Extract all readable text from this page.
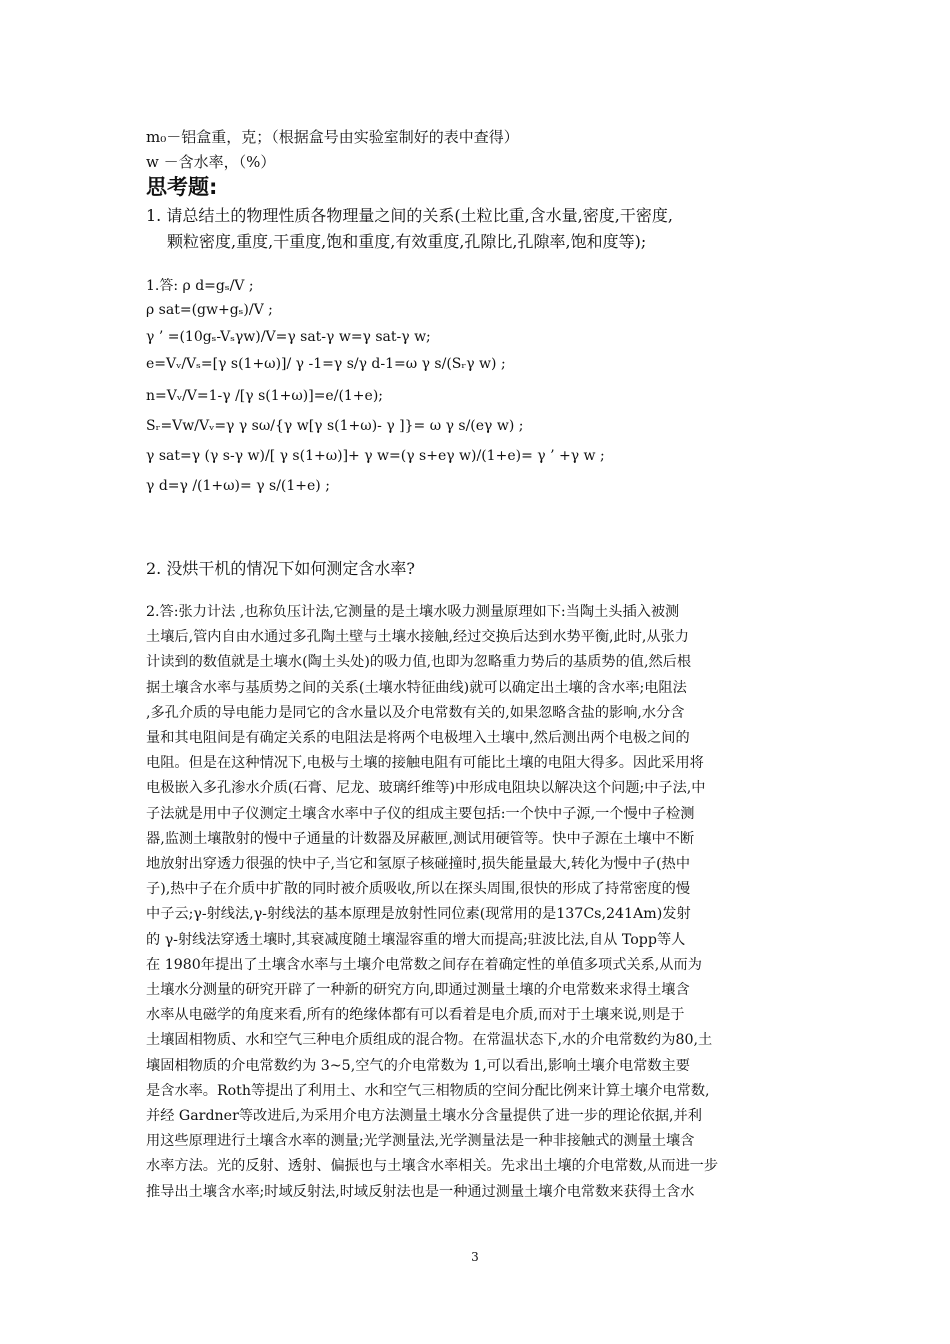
m₀－铝盒重，克；（根据盒号由实验室制好的表中查得）
w －含水率，（%）
思考题:
1. 请总结土的物理性质各物理量之间的关系(土粒比重,含水量,密度,干密度,
颗粒密度,重度,干重度,饱和重度,有效重度,孔隙比,孔隙率,饱和度等);
1.答: ρ d=gₛ/V ;
ρ sat=(gw+gₛ)/V ;
γ ’ =(10gₛ-Vₛγw)/V=γ sat-γ w=γ sat-γ w;
e=Vᵥ/Vₛ=[γ s(1+ω)]/ γ -1=γ s/γ d-1=ω γ s/(Sᵣγ w) ;
n=Vᵥ/V=1-γ /[γ s(1+ω)]=e/(1+e);
Sᵣ=Vw/Vᵥ=γ γ sω/{γ w[γ s(1+ω)- γ ]}= ω γ s/(eγ w) ;
γ sat=γ (γ s-γ w)/[ γ s(1+ω)]+ γ w=(γ s+eγ w)/(1+e)= γ ’ +γ w ;
γ d=γ /(1+ω)= γ s/(1+e) ;
2. 没烘干机的情况下如何测定含水率?
2.答:张力计法 ,也称负压计法,它测量的是土壤水吸力测量原理如下:当陶土头插入被测
土壤后,管内自由水通过多孔陶土壁与土壤水接触,经过交换后达到水势平衡,此时,从张力
计读到的数值就是土壤水(陶土头处)的吸力值,也即为忽略重力势后的基质势的值,然后根
据土壤含水率与基质势之间的关系(土壤水特征曲线)就可以确定出土壤的含水率;电阻法
,多孔介质的导电能力是同它的含水量以及介电常数有关的,如果忽略含盐的影响,水分含
量和其电阻间是有确定关系的电阻法是将两个电极埋入土壤中,然后测出两个电极之间的
电阻。但是在这种情况下,电极与土壤的接触电阻有可能比土壤的电阻大得多。因此采用将
电极嵌入多孔渗水介质(石膏、尼龙、玻璃纤维等)中形成电阻块以解决这个问题;中子法,中
子法就是用中子仪测定土壤含水率中子仪的组成主要包括:一个快中子源,一个慢中子检测
器,监测土壤散射的慢中子通量的计数器及屏蔽匣,测试用硬管等。快中子源在土壤中不断
地放射出穿透力很强的快中子,当它和氢原子核碰撞时,损失能量最大,转化为慢中子(热中
子),热中子在介质中扩散的同时被介质吸收,所以在探头周围,很快的形成了持常密度的慢
中子云;γ-射线法,γ-射线法的基本原理是放射性同位素(现常用的是137Cs,241Am)发射
的 γ-射线法穿透土壤时,其衰减度随土壤湿容重的增大而提高;驻波比法,自从 Topp等人
在 1980年提出了土壤含水率与土壤介电常数之间存在着确定性的单值多项式关系,从而为
土壤水分测量的研究开辟了一种新的研究方向,即通过测量土壤的介电常数来求得土壤含
水率从电磁学的角度来看,所有的绝缘体都有可以看着是电介质,而对于土壤来说,则是于
土壤固相物质、水和空气三种电介质组成的混合物。在常温状态下,水的介电常数约为80,土
壤固相物质的介电常数约为 3~5,空气的介电常数为 1,可以看出,影响土壤介电常数主要
是含水率。Roth等提出了利用土、水和空气三相物质的空间分配比例来计算土壤介电常数,
并经 Gardner等改进后,为采用介电方法测量土壤水分含量提供了进一步的理论依据,并利
用这些原理进行土壤含水率的测量;光学测量法,光学测量法是一种非接触式的测量土壤含
水率方法。光的反射、透射、偏振也与土壤含水率相关。先求出土壤的介电常数,从而进一步
推导出土壤含水率;时域反射法,时域反射法也是一种通过测量土壤介电常数来获得土含水
3
